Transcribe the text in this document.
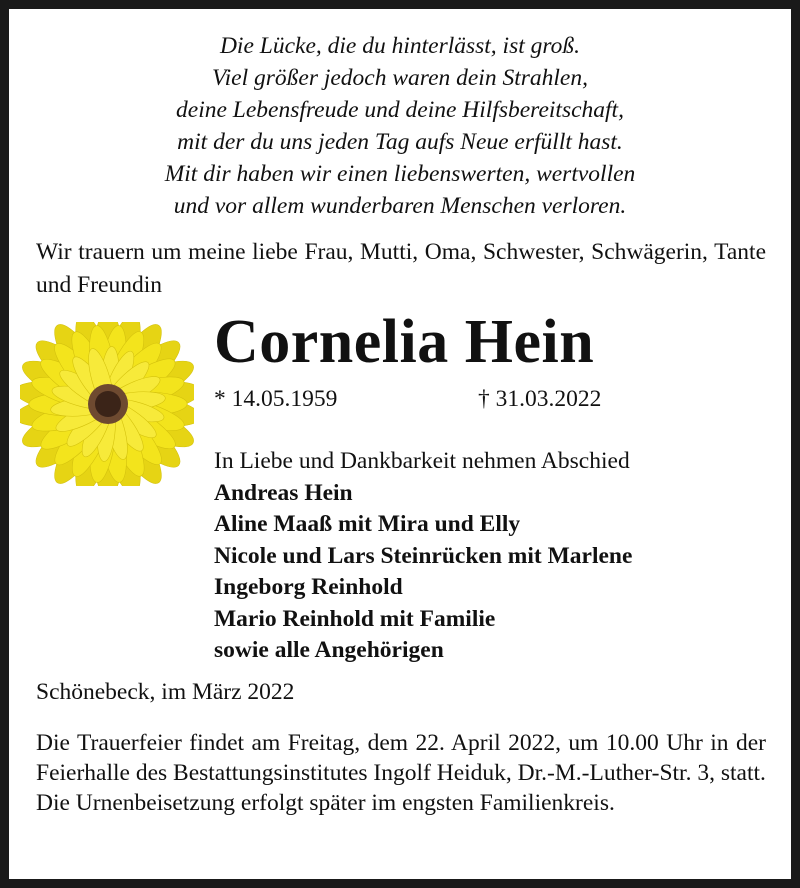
Die Lücke, die du hinterlässt, ist groß.
Viel größer jedoch waren dein Strahlen,
deine Lebensfreude und deine Hilfsbereitschaft,
mit der du uns jeden Tag aufs Neue erfüllt hast.
Mit dir haben wir einen liebenswerten, wertvollen
und vor allem wunderbaren Menschen verloren.
Wir trauern um meine liebe Frau, Mutti, Oma, Schwester, Schwägerin, Tante und Freundin
Cornelia Hein
* 14.05.1959	† 31.03.2022
In Liebe und Dankbarkeit nehmen Abschied
Andreas Hein
Aline Maaß mit Mira und Elly
Nicole und Lars Steinrücken mit Marlene
Ingeborg Reinhold
Mario Reinhold mit Familie
sowie alle Angehörigen
Schönebeck, im März 2022
Die Trauerfeier findet am Freitag, dem 22. April 2022, um 10.00 Uhr in der Feierhalle des Bestattungsinstitutes Ingolf Heiduk, Dr.-M.-Luther-Str. 3, statt.
Die Urnenbeisetzung erfolgt später im engsten Familienkreis.
